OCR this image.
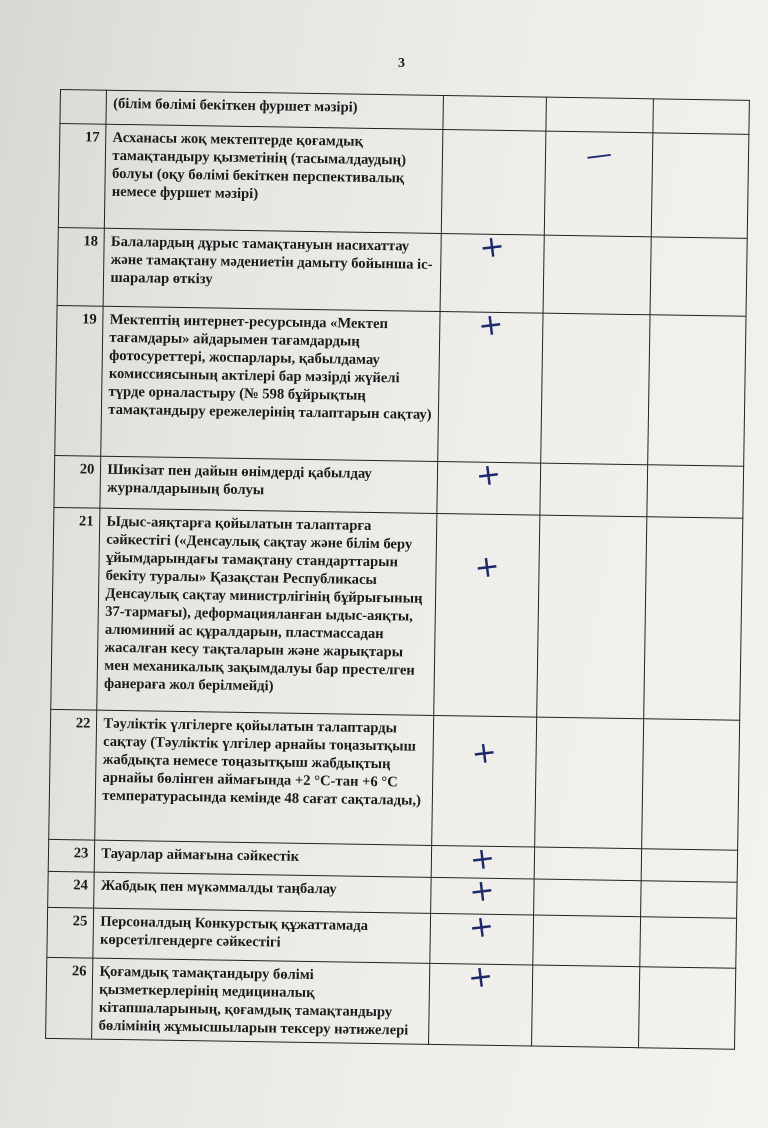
3
	(білім бөлімі бекіткен фуршет мәзірі)			
17	Асханасы жоқ мектептерде қоғамдық тамақтандыру қызметінің (тасымалдаудың) болуы (оқу бөлімі бекіткен перспективалық немесе фуршет мәзірі)		—	
18	Балалардың дұрыс тамақтануын насихаттау және тамақтану мәдениетін дамыту бойынша іс-шаралар өткізу	+		
19	Мектептің интернет-ресурсында «Мектеп тағамдары» айдарымен тағамдардың фотосуреттері, жоспарлары, қабылдамау комиссиясының актілері бар мәзірді жүйелі түрде орналастыру (№ 598 бұйрықтың тамақтандыру ережелерінің талаптарын сақтау)	+		
20	Шикізат пен дайын өнімдерді қабылдау журналдарының болуы	+		
21	Ыдыс-аяқтарға қойылатын талаптарға сәйкестігі («Денсаулық сақтау және білім беру ұйымдарындағы тамақтану стандарттарын бекіту туралы» Қазақстан Республикасы Денсаулық сақтау министрлігінің бұйрығының 37-тармағы), деформацияланған ыдыс-аяқты, алюминий ас құралдарын, пластмассадан жасалған кесу тақталарын және жарықтары мен механикалық зақымдалуы бар престелген фанераға жол берілмейді)	+		
22	Тәуліктік үлгілерге қойылатын талаптарды сақтау (Тәуліктік үлгілер арнайы тоңазытқыш жабдықта немесе тоңазытқыш жабдықтың арнайы бөлінген аймағында +2 °С-тан +6 °С температурасында кемінде 48 сағат сақталады,)	+		
23	Тауарлар аймағына сәйкестік	+		
24	Жабдық пен мүкәммалды таңбалау	+		
25	Персоналдың Конкурстық құжаттамада көрсетілгендерге сәйкестігі	+		
26	Қоғамдық тамақтандыру бөлімі қызметкерлерінің медициналық кітапшаларының, қоғамдық тамақтандыру бөлімінің жұмысшыларын тексеру нәтижелері	+		
